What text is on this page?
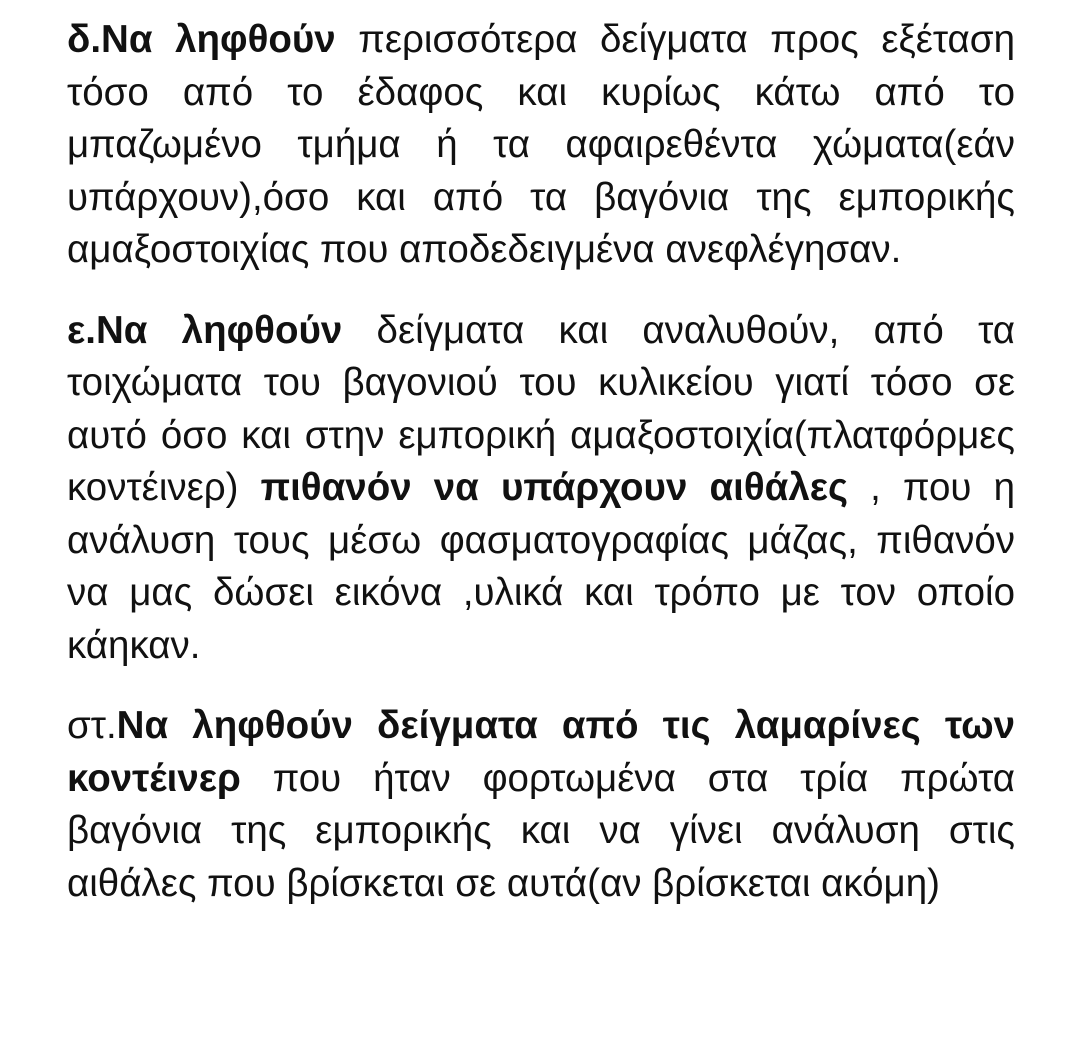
δ.Να ληφθούν περισσότερα δείγματα προς εξέταση τόσο από το έδαφος και κυρίως κάτω από το μπαζωμένο τμήμα ή τα αφαιρεθέντα χώματα(εάν υπάρχουν),όσο και από τα βαγόνια της εμπορικής αμαξοστοιχίας που αποδεδειγμένα ανεφλέγησαν.

ε.Να ληφθούν δείγματα και αναλυθούν, από τα τοιχώματα του βαγονιού του κυλικείου γιατί τόσο σε αυτό όσο και στην εμπορική αμαξοστοιχία(πλατφόρμες κοντέινερ) πιθανόν να υπάρχουν αιθάλες , που η ανάλυση τους μέσω φασματογραφίας μάζας, πιθανόν να μας δώσει εικόνα ,υλικά και τρόπο με τον οποίο κάηκαν.

στ.Να ληφθούν δείγματα από τις λαμαρίνες των κοντέινερ που ήταν φορτωμένα στα τρία πρώτα βαγόνια της εμπορικής και να γίνει ανάλυση στις αιθάλες που βρίσκεται σε αυτά(αν βρίσκεται ακόμη)
